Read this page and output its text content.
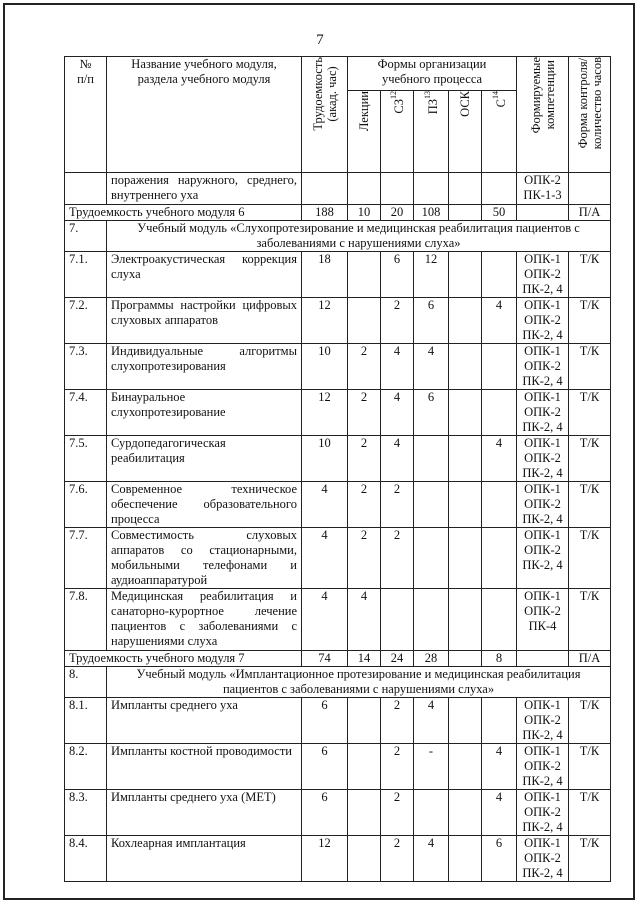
7
№
п/п	Название учебного модуля, раздела учебного модуля	Трудоемкость
(акад. час)	Формы организации учебного процесса					Формируемые
компетенции	Форма контроля/
количество часов

			Лекции	СЗ$^{12}$	ПЗ$^{13}$	ОСК	$С^{14}$

	поражения наружного, среднего, внутреннего уха							ОПК-2
ПК-1-3	
Трудоемкость учебного модуля 6		188	10	20	108		50		П/А
7.	Учебный модуль «Слухопротезирование и медицинская реабилитация пациентов с заболеваниями с нарушениями слуха»								
7.1.	Электроакустическая коррекция слуха	18		6	12			ОПК-1
ОПК-2
ПК-2, 4	Т/К
7.2.	Программы настройки цифровых слуховых аппаратов	12		2	6		4	ОПК-1
ОПК-2
ПК-2, 4	Т/К
7.3.	Индивидуальные алгоритмы слухопротезирования	10	2	4	4			ОПК-1
ОПК-2
ПК-2, 4	Т/К
7.4.	Бинауральное слухопротезирование	12	2	4	6			ОПК-1
ОПК-2
ПК-2, 4	Т/К
7.5.	Сурдопедагогическая реабилитация	10	2	4			4	ОПК-1
ОПК-2
ПК-2, 4	Т/К
7.6.	Современное техническое обеспечение образовательного процесса	4	2	2				ОПК-1
ОПК-2
ПК-2, 4	Т/К
7.7.	Совместимость слуховых аппаратов со стационарными, мобильными телефонами и аудиоаппаратурой	4	2	2				ОПК-1
ОПК-2
ПК-2, 4	Т/К
7.8.	Медицинская реабилитация и санаторно-курортное лечение пациентов с заболеваниями с нарушениями слуха	4	4					ОПК-1
ОПК-2
ПК-4	Т/К
Трудоемкость учебного модуля 7		74	14	24	28		8		П/А
8.	Учебный модуль «Имплантационное протезирование и медицинская реабилитация пациентов с заболеваниями с нарушениями слуха»								
8.1.	Импланты среднего уха	6		2	4			ОПК-1
ОПК-2
ПК-2, 4	Т/К
8.2.	Импланты костной проводимости	6		2	-		4	ОПК-1
ОПК-2
ПК-2, 4	Т/К
8.3.	Импланты среднего уха (МЕТ)	6		2			4	ОПК-1
ОПК-2
ПК-2, 4	Т/К
8.4.	Кохлеарная имплантация	12		2	4		6	ОПК-1
ОПК-2
ПК-2, 4	Т/К
